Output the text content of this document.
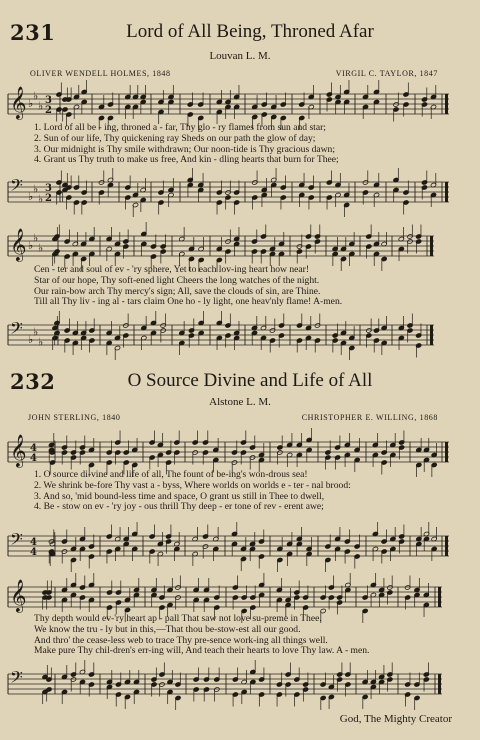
231	Lord of All Being, Throned Afar
Louvan L. M.
OLIVER WENDELL HOLMES, 1848	VIRGIL C. TAYLOR, 1847
𝄞 ♭
♭
♭ 3
2
1. Lord of all be - ing, throned a - far, Thy glo - ry flames from sun and star;
2. Sun of our life, Thy quickening ray Sheds on our path the glow of day;
3. Our midnight is Thy smile withdrawn; Our noon-tide is Thy gracious dawn;
4. Grant us Thy truth to make us free, And kin - dling hearts that burn for Thee;
𝄢 ♭
♭
♭
3
2
𝄞 ♭
♭
♭
Cen - ter and soul of ev - 'ry sphere, Yet to each lov-ing heart how near!
Star of our hope, Thy soft-ened light Cheers the long watches of the night.
Our rain-bow arch Thy mercy's sign; All, save the clouds of sin, are Thine.
Till all Thy liv - ing al - tars claim One ho - ly light, one heav'nly flame! A-men.
𝄢 ♭
♭
♭
232	O Source Divine and Life of All
Alstone L. M.
JOHN STERLING, 1840	CHRISTOPHER E. WILLING, 1868
𝄞 4
4
1. O source di-vine and life of all, The fount of be-ing's won-drous sea!
2. We shrink be-fore Thy vast a - byss, Where worlds on worlds e - ter - nal brood:
3. And so, 'mid bound-less time and space, O grant us still in Thee to dwell,
4. Be - stow on ev - 'ry joy - ous thrill Thy deep - er tone of rev - erent awe;
𝄢 4
4
𝄞
Thy depth would ev-'ry heart ap - pall That saw not love su-preme in Thee.
We know the tru - ly but in this,—That thou be-stow-est all our good.
And thro' the cease-less web to trace Thy pre-sence work-ing all things well.
Make pure Thy chil-dren's err-ing will, And teach their hearts to love Thy law. A - men.
𝄢
God, The Mighty Creator
